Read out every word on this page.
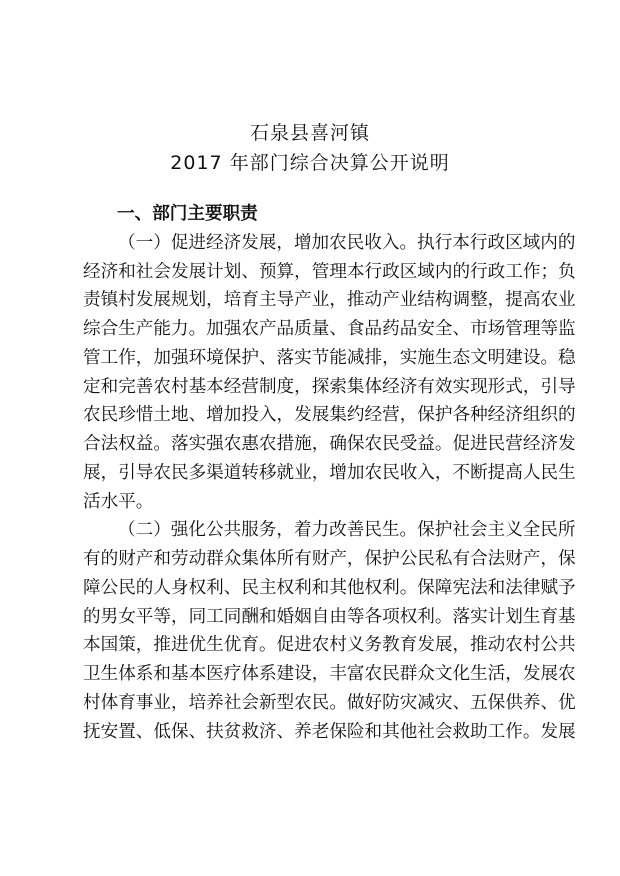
石泉县喜河镇
2017 年部门综合决算公开说明
一、部门主要职责
（一）促进经济发展，增加农民收入。执行本行政区域内的
经济和社会发展计划、预算，管理本行政区域内的行政工作；负
责镇村发展规划，培育主导产业，推动产业结构调整，提高农业
综合生产能力。加强农产品质量、食品药品安全、市场管理等监
管工作，加强环境保护、落实节能减排，实施生态文明建设。稳
定和完善农村基本经营制度，探索集体经济有效实现形式，引导
农民珍惜土地、增加投入，发展集约经营，保护各种经济组织的
合法权益。落实强农惠农措施，确保农民受益。促进民营经济发
展，引导农民多渠道转移就业，增加农民收入，不断提高人民生
活水平。
（二）强化公共服务，着力改善民生。保护社会主义全民所
有的财产和劳动群众集体所有财产，保护公民私有合法财产，保
障公民的人身权利、民主权利和其他权利。保障宪法和法律赋予
的男女平等，同工同酬和婚姻自由等各项权利。落实计划生育基
本国策，推进优生优育。促进农村义务教育发展，推动农村公共
卫生体系和基本医疗体系建设，丰富农民群众文化生活，发展农
村体育事业，培养社会新型农民。做好防灾减灾、五保供养、优
抚安置、低保、扶贫救济、养老保险和其他社会救助工作。发展
